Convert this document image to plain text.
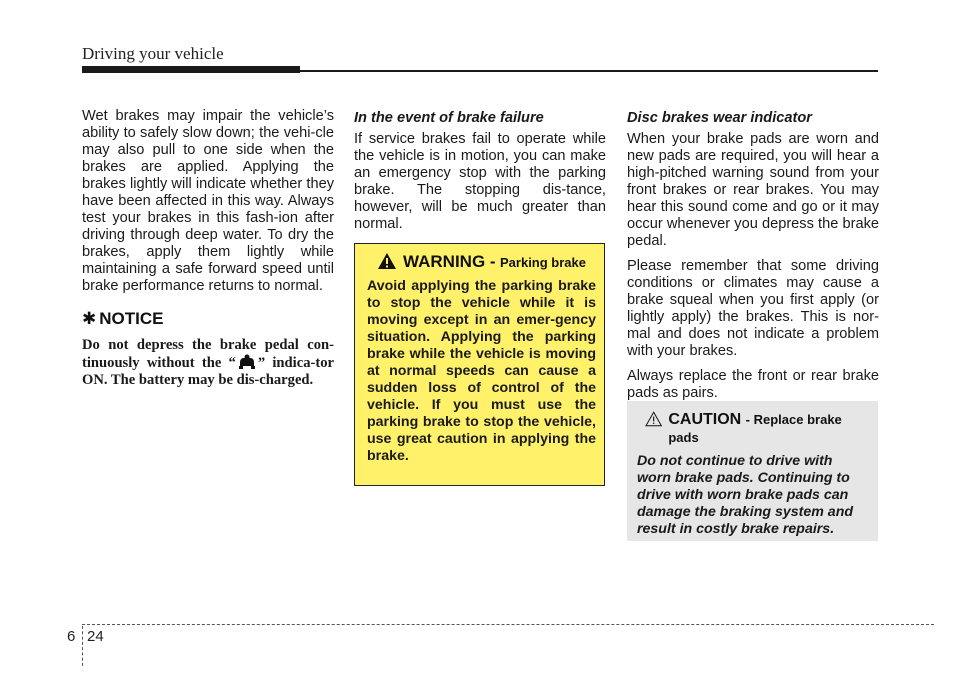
Driving your vehicle

Wet brakes may impair the vehicle’s ability to safely slow down; the vehi-cle may also pull to one side when the brakes are applied. Applying the brakes lightly will indicate whether they have been affected in this way. Always test your brakes in this fash-ion after driving through deep water. To dry the brakes, apply them lightly while maintaining a safe forward speed until brake performance returns to normal.

✱ NOTICE
Do not depress the brake pedal con-tinuously without the “ ” indica-tor ON. The battery may be dis-charged.

In the event of brake failure

If service brakes fail to operate while the vehicle is in motion, you can make an emergency stop with the parking brake. The stopping dis-tance, however, will be much greater than normal.

WARNING - Parking brake
Avoid applying the parking brake to stop the vehicle while it is moving except in an emer-gency situation. Applying the parking brake while the vehicle is moving at normal speeds can cause a sudden loss of control of the vehicle. If you must use the parking brake to stop the vehicle, use great caution in applying the brake.

Disc brakes wear indicator

When your brake pads are worn and new pads are required, you will hear a high-pitched warning sound from your front brakes or rear brakes. You may hear this sound come and go or it may occur whenever you depress the brake pedal.

Please remember that some driving conditions or climates may cause a brake squeal when you first apply (or lightly apply) the brakes. This is nor-mal and does not indicate a problem with your brakes.

Always replace the front or rear brake pads as pairs.

CAUTION - Replace brake pads
Do not continue to drive with worn brake pads. Continuing to drive with worn brake pads can damage the braking system and result in costly brake repairs.
6 24
